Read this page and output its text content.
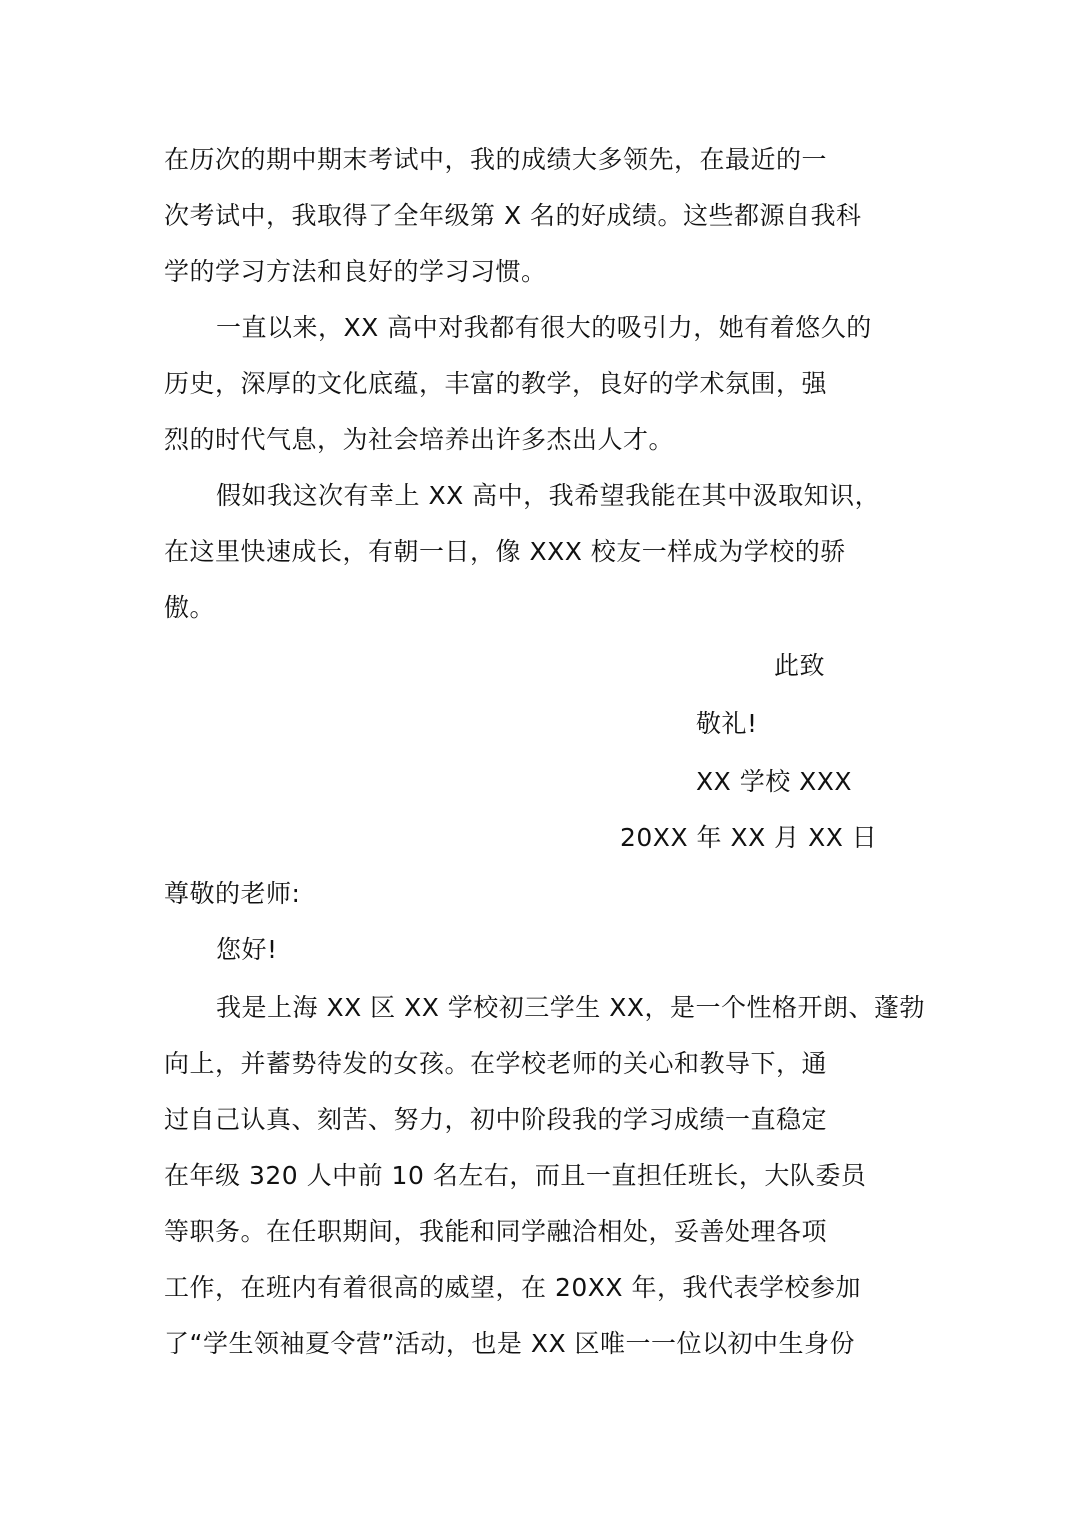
在历次的期中期末考试中，我的成绩大多领先，在最近的一
次考试中，我取得了全年级第 X 名的好成绩。这些都源自我科
学的学习方法和良好的学习习惯。
一直以来，XX 高中对我都有很大的吸引力，她有着悠久的
历史，深厚的文化底蕴，丰富的教学，良好的学术氛围，强
烈的时代气息，为社会培养出许多杰出人才。
假如我这次有幸上 XX 高中，我希望我能在其中汲取知识，
在这里快速成长，有朝一日，像 XXX 校友一样成为学校的骄
傲。
此致
敬礼!
XX 学校 XXX
20XX 年 XX 月 XX 日
尊敬的老师:
您好!
我是上海 XX 区 XX 学校初三学生 XX，是一个性格开朗、蓬勃
向上，并蓄势待发的女孩。在学校老师的关心和教导下，通
过自己认真、刻苦、努力，初中阶段我的学习成绩一直稳定
在年级 320 人中前 10 名左右，而且一直担任班长，大队委员
等职务。在任职期间，我能和同学融洽相处，妥善处理各项
工作，在班内有着很高的威望，在 20XX 年，我代表学校参加
了“学生领袖夏令营”活动，也是 XX 区唯一一位以初中生身份
